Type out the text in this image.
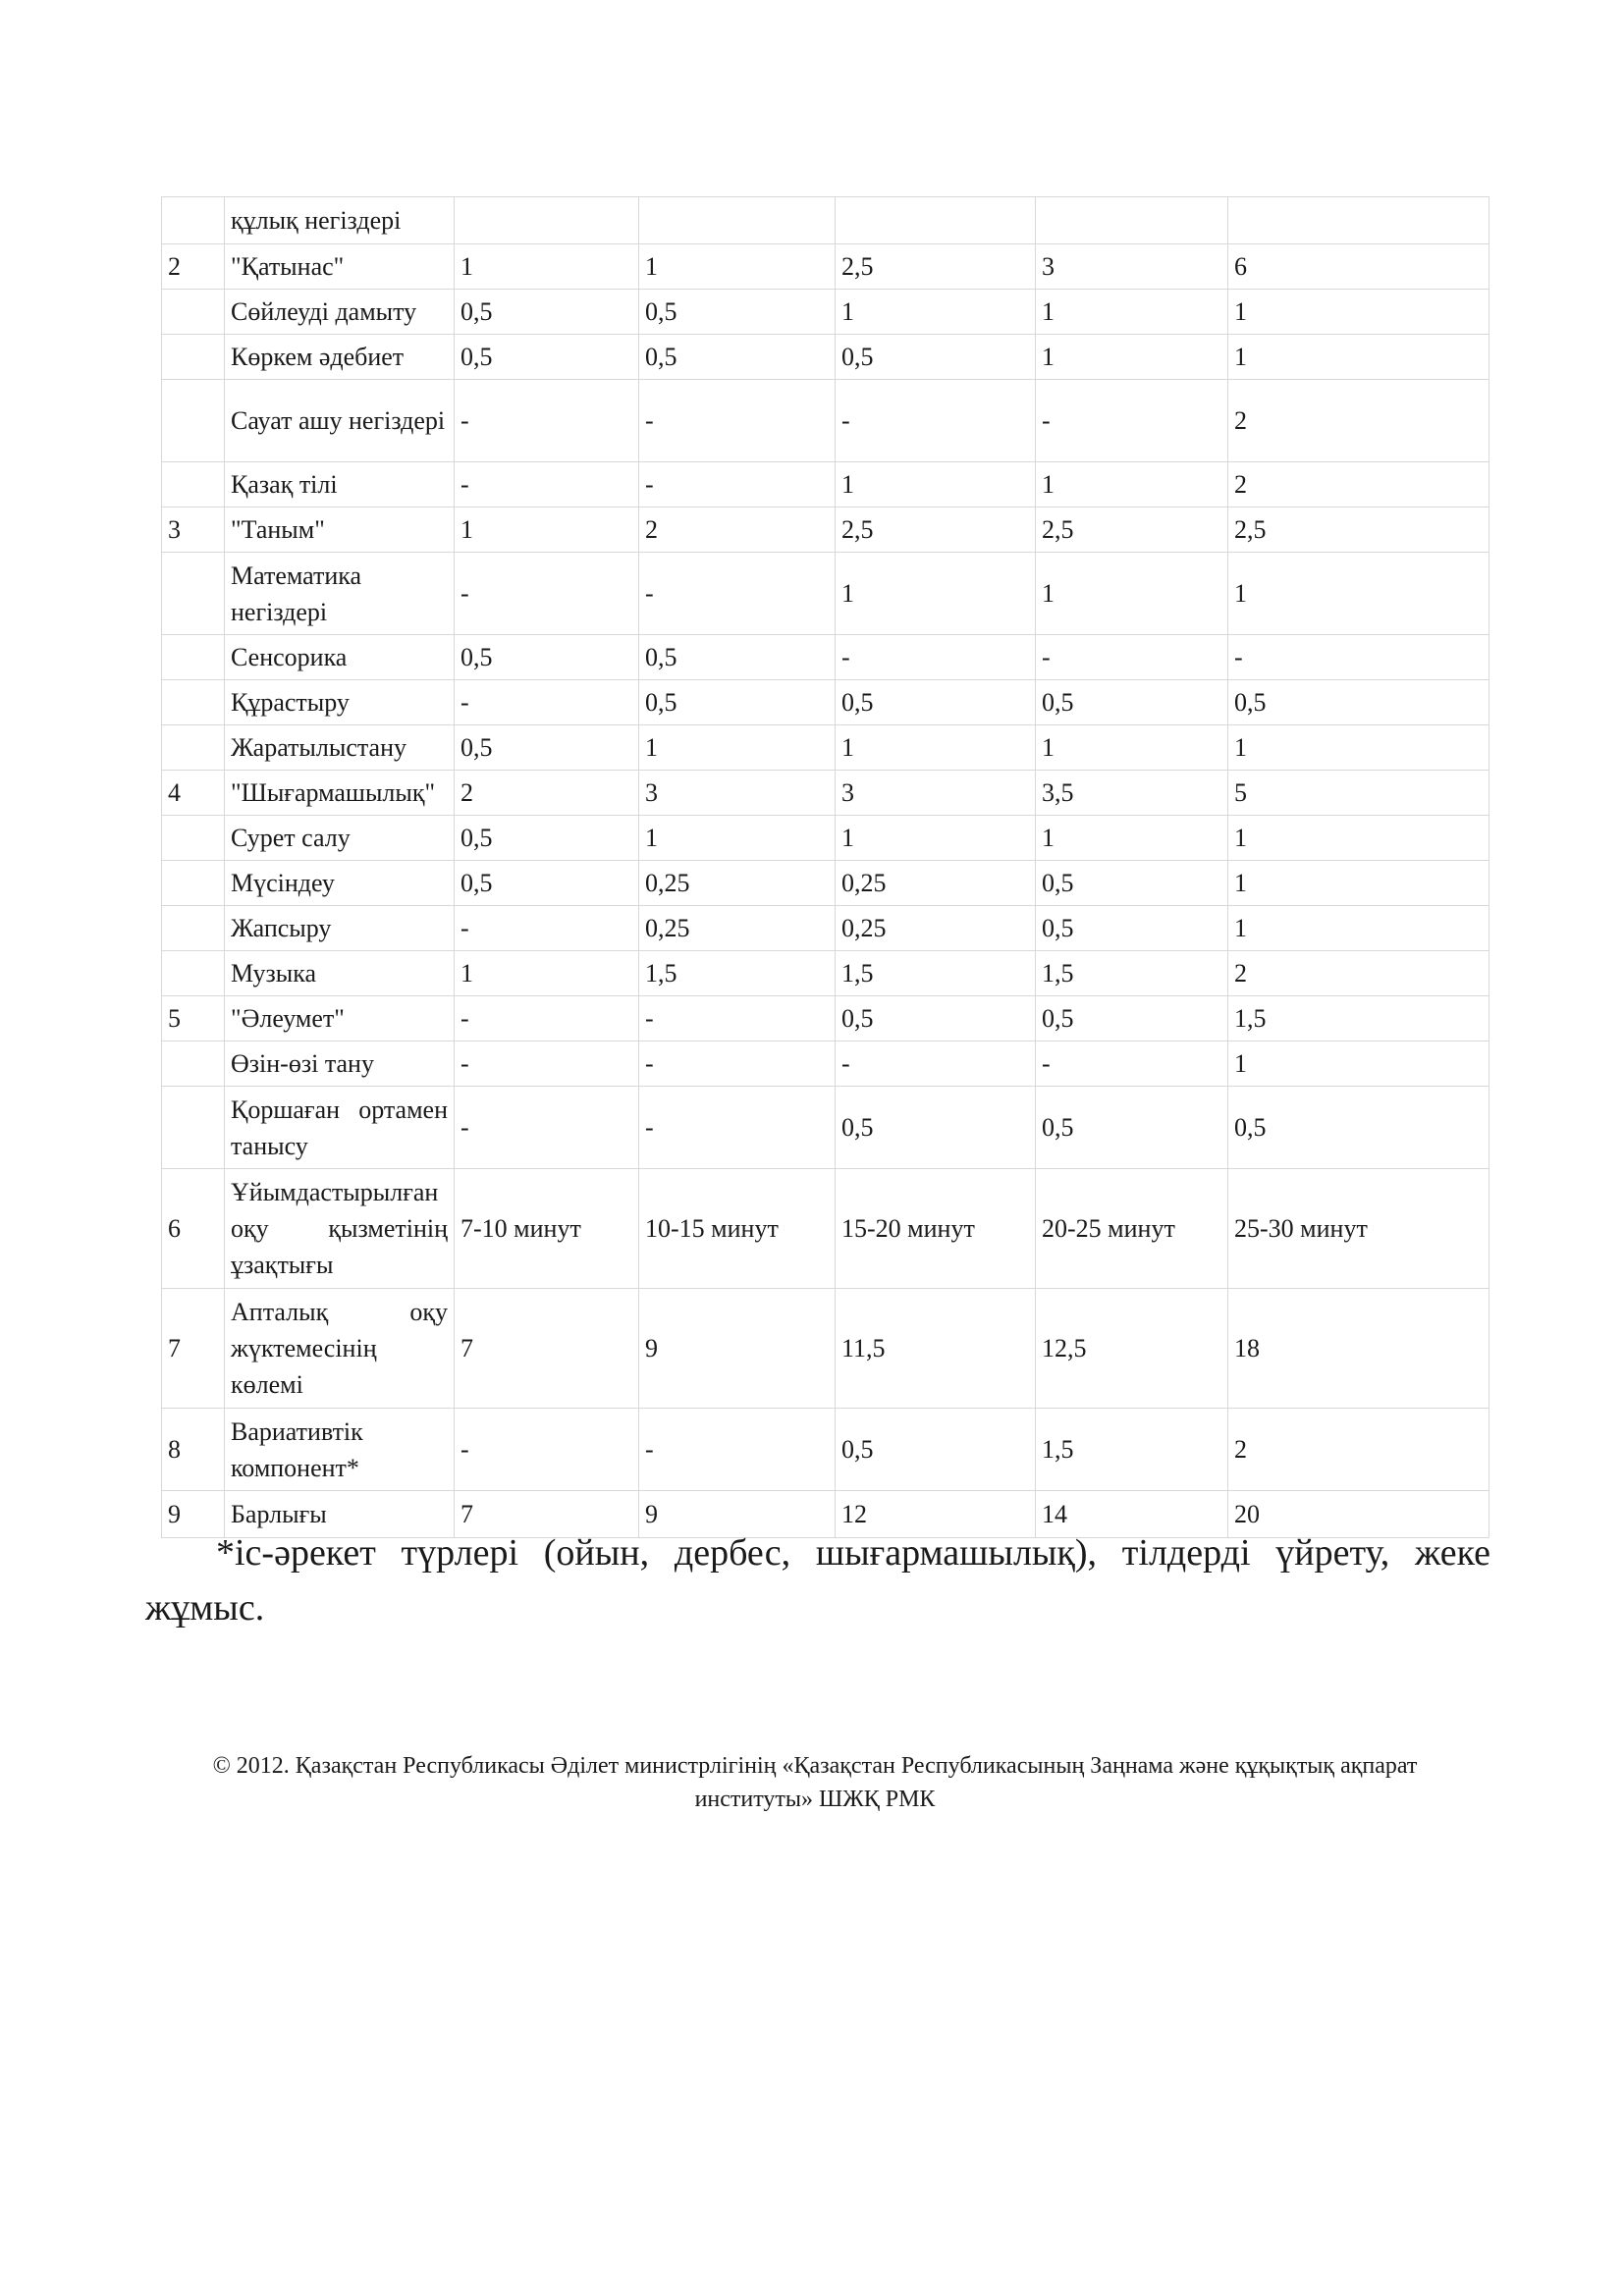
	құлық негіздері					
2	"Қатынас"	1	1	2,5	3	6
	Сөйлеуді дамыту	0,5	0,5	1	1	1
	Көркем әдебиет	0,5	0,5	0,5	1	1
	Сауат ашу негіздері	-	-	-	-	2
	Қазақ тілі	-	-	1	1	2
3	"Таным"	1	2	2,5	2,5	2,5
	Математика негіздері	-	-	1	1	1
	Сенсорика	0,5	0,5	-	-	-
	Құрастыру	-	0,5	0,5	0,5	0,5
	Жаратылыстану	0,5	1	1	1	1
4	"Шығармашылық"	2	3	3	3,5	5
	Сурет салу	0,5	1	1	1	1
	Мүсіндеу	0,5	0,25	0,25	0,5	1
	Жапсыру	-	0,25	0,25	0,5	1
	Музыка	1	1,5	1,5	1,5	2
5	"Әлеумет"	-	-	0,5	0,5	1,5
	Өзін-өзі тану	-	-	-	-	1
	Қоршаған ортамен танысу	-	-	0,5	0,5	0,5
6	Ұйымдастырылған оқу қызметінің ұзақтығы	7-10 минут	10-15 минут	15-20 минут	20-25 минут	25-30 минут
7	Апталық оқу жүктемесінің көлемі	7	9	11,5	12,5	18
8	Вариативтік компонент*	-	-	0,5	1,5	2
9	Барлығы	7	9	12	14	20
*іс-әрекет түрлері (ойын, дербес, шығармашылық), тілдерді үйрету, жеке жұмыс.
© 2012. Қазақстан Республикасы Әділет министрлігінің «Қазақстан Республикасының Заңнама және құқықтық ақпарат институты» ШЖҚ РМК
